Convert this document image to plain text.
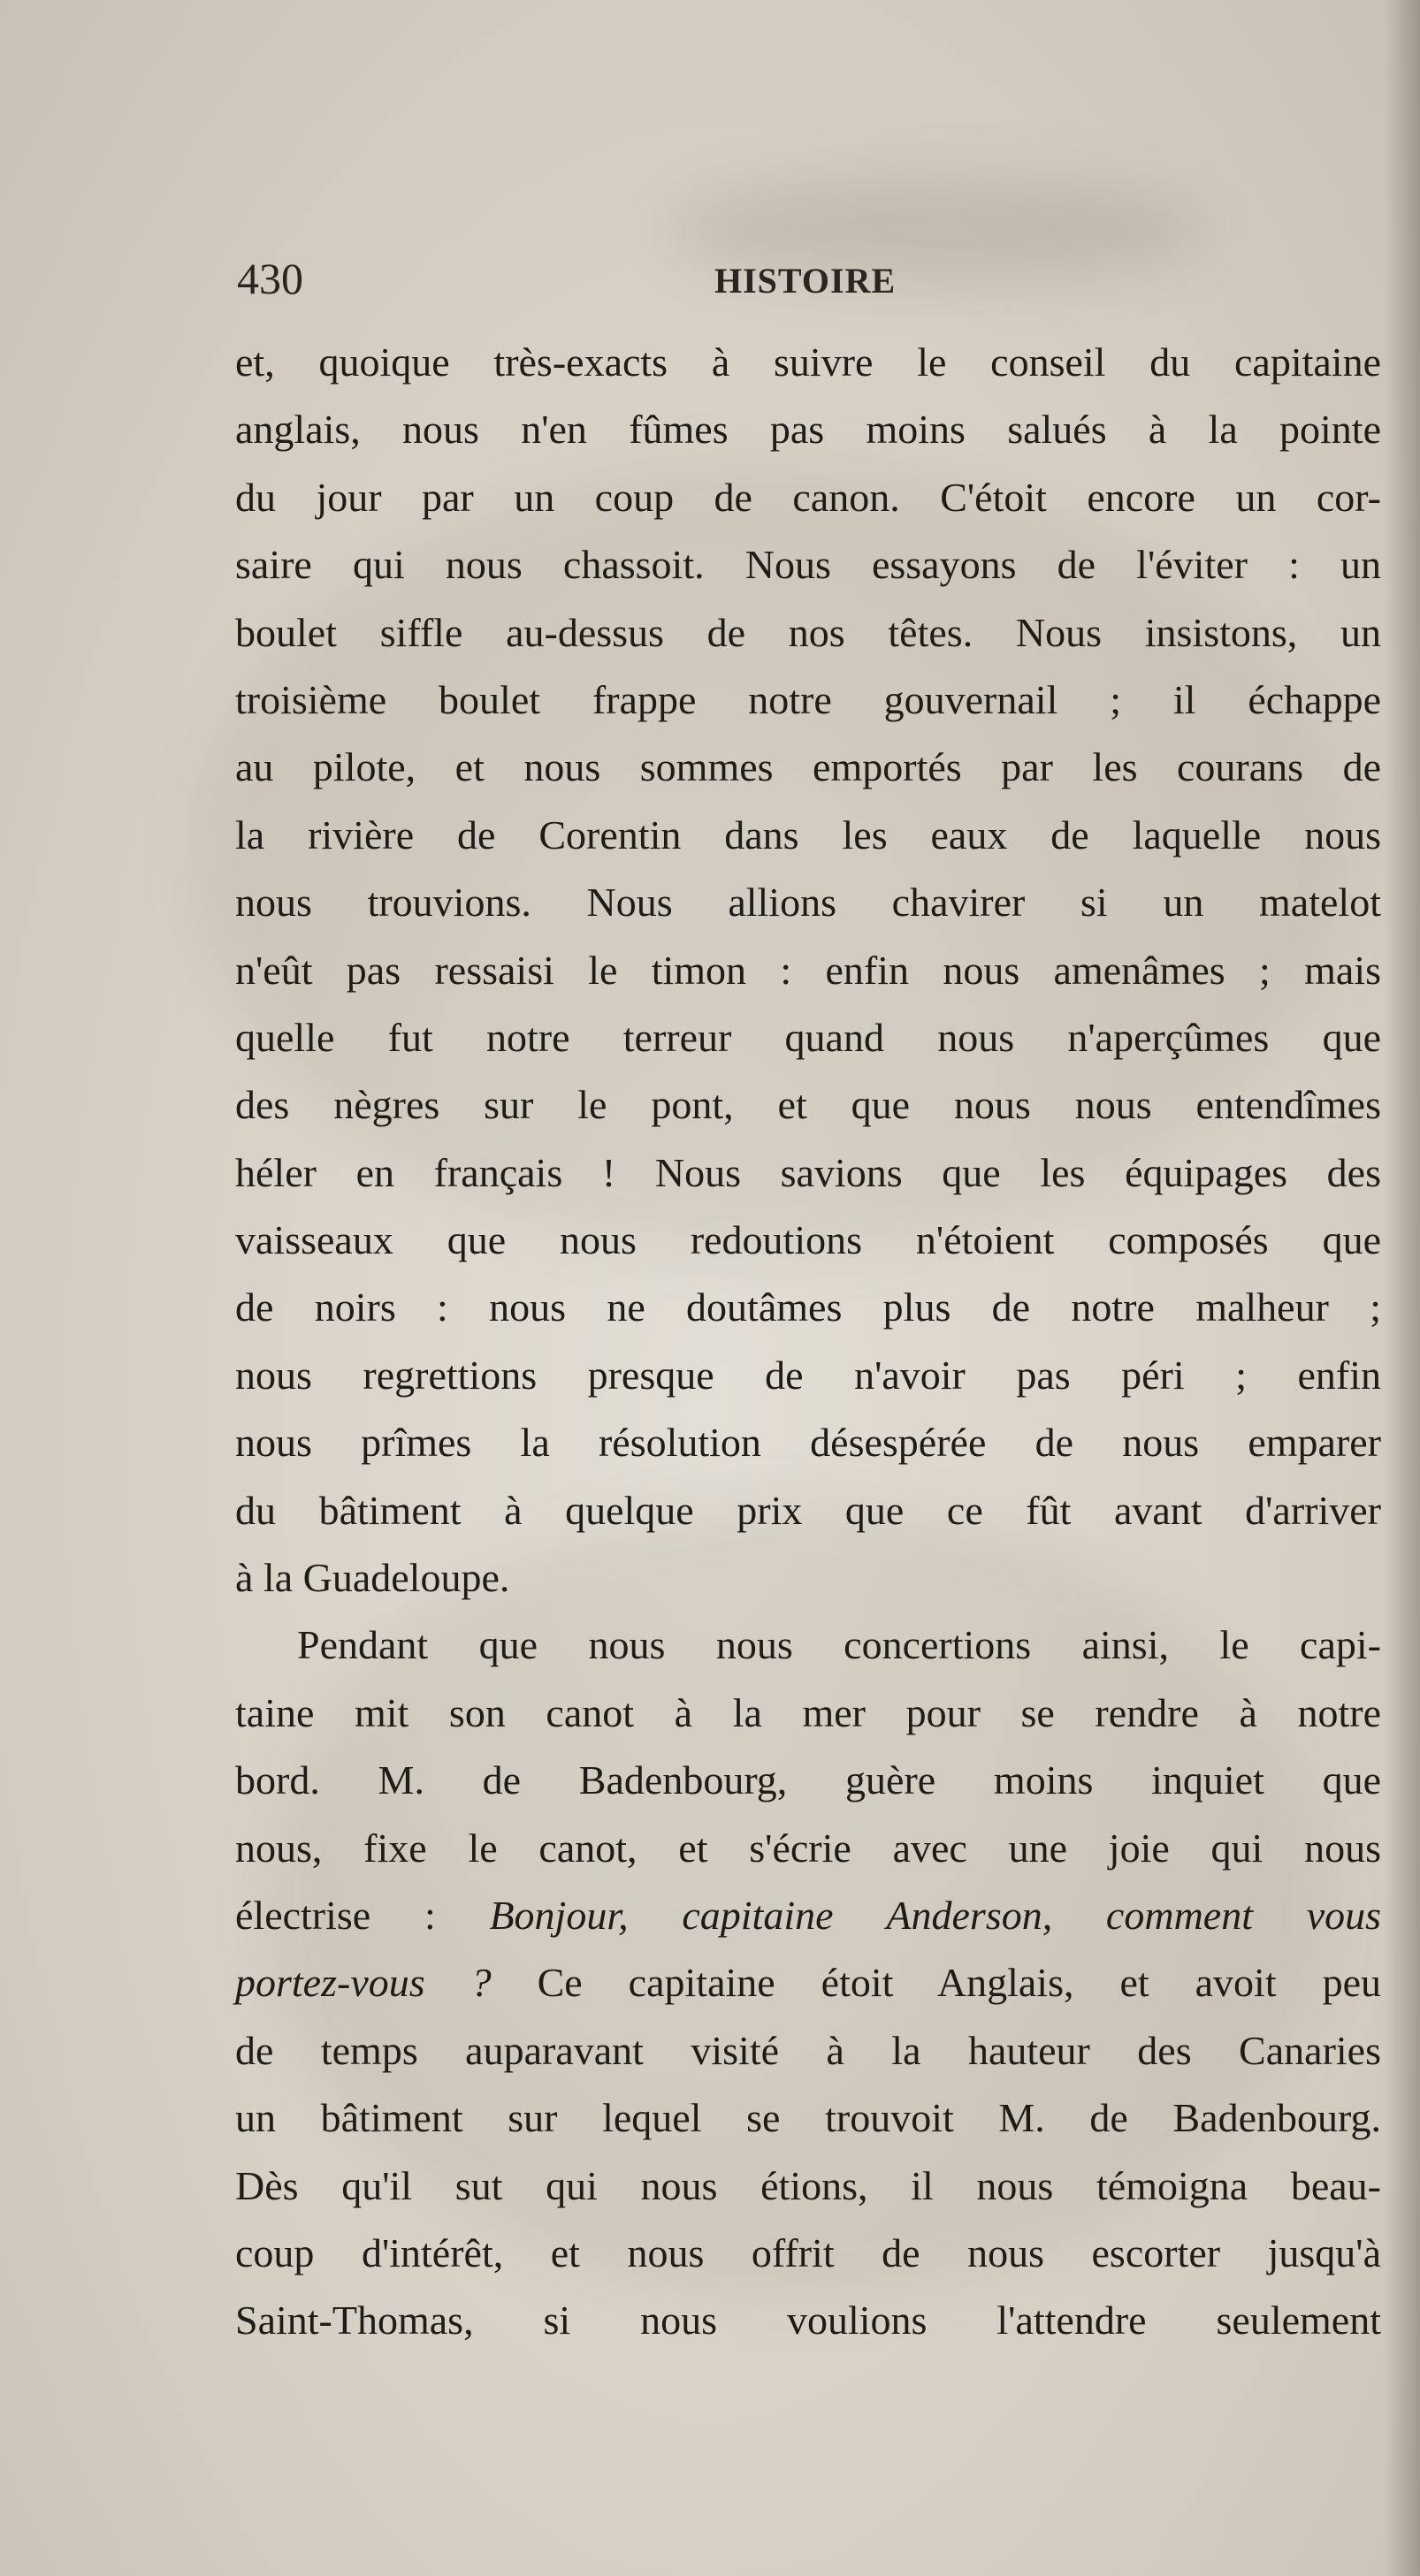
430	HISTOIRE
et, quoique très-exacts à suivre le conseil du capitaine
anglais, nous n'en fûmes pas moins salués à la pointe
du jour par un coup de canon. C'étoit encore un cor-
saire qui nous chassoit. Nous essayons de l'éviter : un
boulet siffle au-dessus de nos têtes. Nous insistons, un
troisième boulet frappe notre gouvernail ; il échappe
au pilote, et nous sommes emportés par les courans de
la rivière de Corentin dans les eaux de laquelle nous
nous trouvions. Nous allions chavirer si un matelot
n'eût pas ressaisi le timon : enfin nous amenâmes ; mais
quelle fut notre terreur quand nous n'aperçûmes que
des nègres sur le pont, et que nous nous entendîmes
héler en français ! Nous savions que les équipages des
vaisseaux que nous redoutions n'étoient composés que
de noirs : nous ne doutâmes plus de notre malheur ;
nous regrettions presque de n'avoir pas péri ; enfin
nous prîmes la résolution désespérée de nous emparer
du bâtiment à quelque prix que ce fût avant d'arriver
à la Guadeloupe.
Pendant que nous nous concertions ainsi, le capi-
taine mit son canot à la mer pour se rendre à notre
bord. M. de Badenbourg, guère moins inquiet que
nous, fixe le canot, et s'écrie avec une joie qui nous
électrise : Bonjour, capitaine Anderson, comment vous
portez-vous ? Ce capitaine étoit Anglais, et avoit peu
de temps auparavant visité à la hauteur des Canaries
un bâtiment sur lequel se trouvoit M. de Badenbourg.
Dès qu'il sut qui nous étions, il nous témoigna beau-
coup d'intérêt, et nous offrit de nous escorter jusqu'à
Saint-Thomas, si nous voulions l'attendre seulement
